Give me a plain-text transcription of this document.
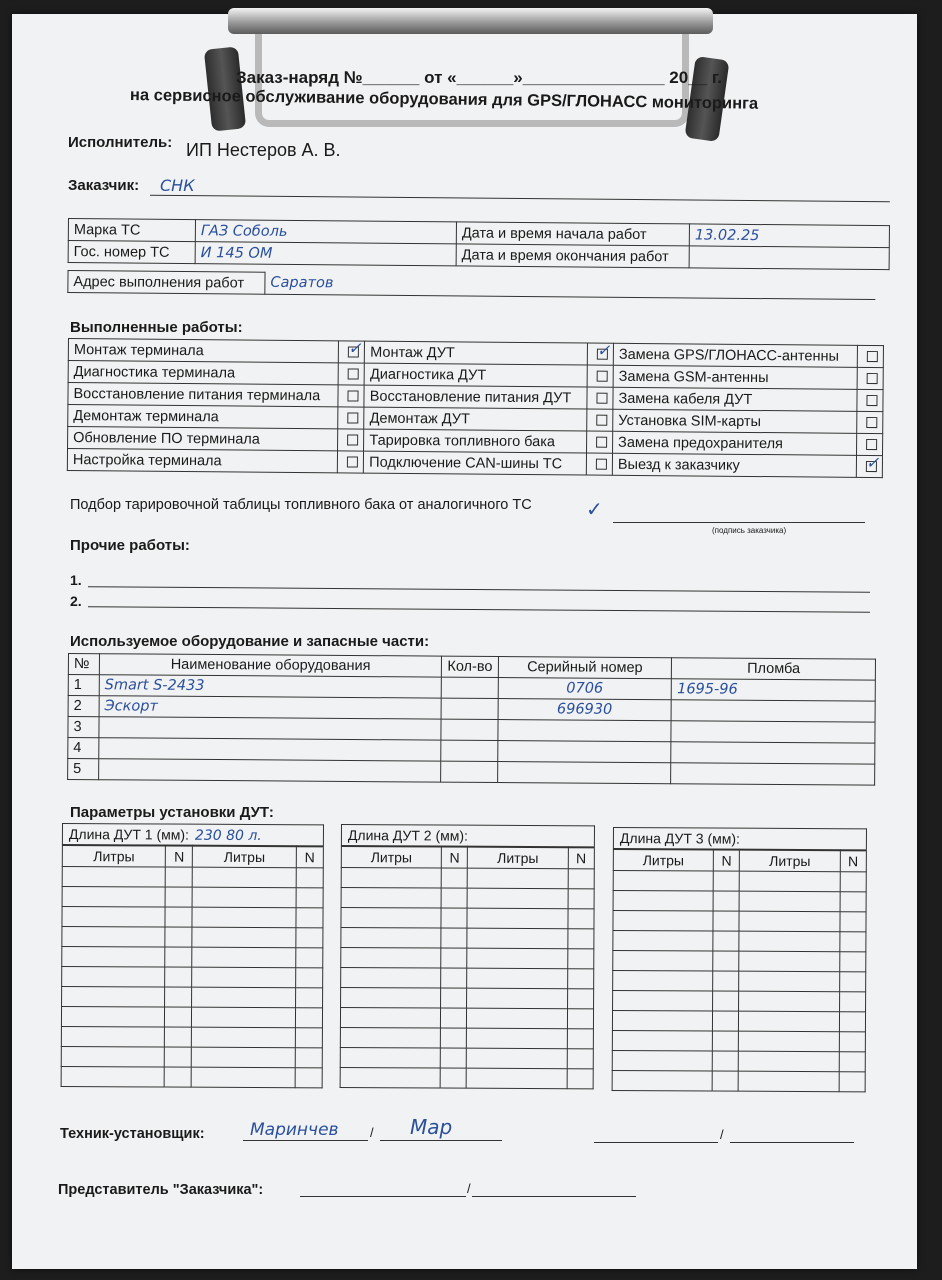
Заказ-наряд №______ от «______»_______________ 20__ г.
на сервисное обслуживание оборудования для GPS/ГЛОНАСС мониторинга
Исполнитель: ИП Нестеров А. В.
Заказчик: СНК
Марка ТС	ГАЗ Соболь	Дата и время начала работ	13.02.25
Гос. номер ТС	И 145 ОМ	Дата и время окончания работ	
Адрес выполнения работ	Саратов
Выполненные работы:
Монтаж терминала	✓	Монтаж ДУТ	✓	Замена GPS/ГЛОНАСС-антенны	
Диагностика терминала		Диагностика ДУТ		Замена GSM-антенны	
Восстановление питания терминала		Восстановление питания ДУТ		Замена кабеля ДУТ	
Демонтаж терминала		Демонтаж ДУТ		Установка SIM-карты	
Обновление ПО терминала		Тарировка топливного бака		Замена предохранителя	
Настройка терминала		Подключение CAN-шины ТС		Выезд к заказчику	✓
Подбор тарировочной таблицы топливного бака от аналогичного ТС	✓
(подпись заказчика)
Прочие работы:
1.
2.
Используемое оборудование и запасные части:
№	Наименование оборудования	Кол-во	Серийный номер	Пломба
1	Smart S-2433		0706	1695-96
2	Эскорт		696930	
3				
4				
5				
Параметры установки ДУТ:
Длина ДУТ 1 (мм): 230 80 л.			
Литры	N	Литры	N

Длина ДУТ 2 (мм):			
Литры	N	Литры	N

Длина ДУТ 3 (мм):			
Литры	N	Литры	N

Техник-установщик:	Маринчев / Мар	/
Представитель "Заказчика":	/
